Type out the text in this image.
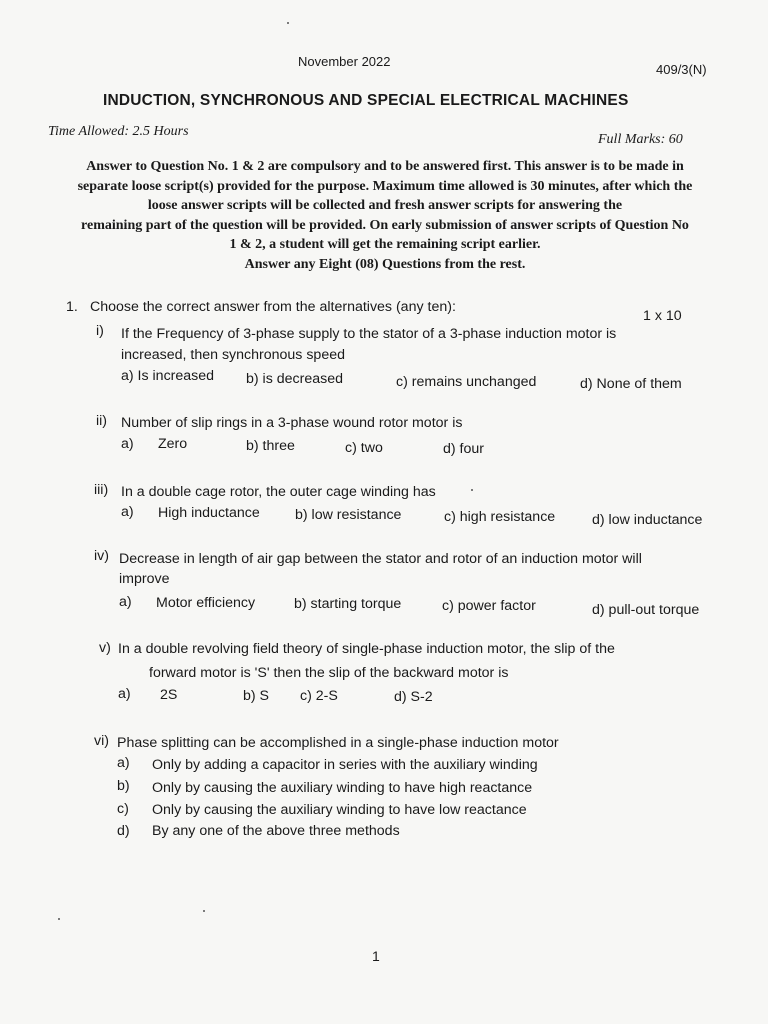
November 2022
409/3(N)
INDUCTION, SYNCHRONOUS AND SPECIAL ELECTRICAL MACHINES
Time Allowed: 2.5 Hours
Full Marks: 60
Answer to Question No. 1 & 2 are compulsory and to be answered first. This answer is to be made in
separate loose script(s) provided for the purpose. Maximum time allowed is 30 minutes, after which the
loose answer scripts will be collected and fresh answer scripts for answering the
remaining part of the question will be provided. On early submission of answer scripts of Question No
1 & 2, a student will get the remaining script earlier.
Answer any Eight (08) Questions from the rest.
1. Choose the correct answer from the alternatives (any ten):
1 x 10
i) If the Frequency of 3-phase supply to the stator of a 3-phase induction motor is
increased, then synchronous speed
a) Is increased b) is decreased	c) remains unchanged	d) None of them
ii) Number of slip rings in a 3-phase wound rotor motor is
a) Zero	b) three	c) two	d) four
iii) In a double cage rotor, the outer cage winding has
a) High inductance b) low resistance	c) high resistance	d) low inductance
iv) Decrease in length of air gap between the stator and rotor of an induction motor will
improve
a) Motor efficiency	b) starting torque	c) power factor	d) pull-out torque
v) In a double revolving field theory of single-phase induction motor, the slip of the
forward motor is 'S' then the slip of the backward motor is
a) 2S	b) S c) 2-S	d) S-2
vi) Phase splitting can be accomplished in a single-phase induction motor
a) Only by adding a capacitor in series with the auxiliary winding
b) Only by causing the auxiliary winding to have high reactance
c) Only by causing the auxiliary winding to have low reactance
d) By any one of the above three methods
1
